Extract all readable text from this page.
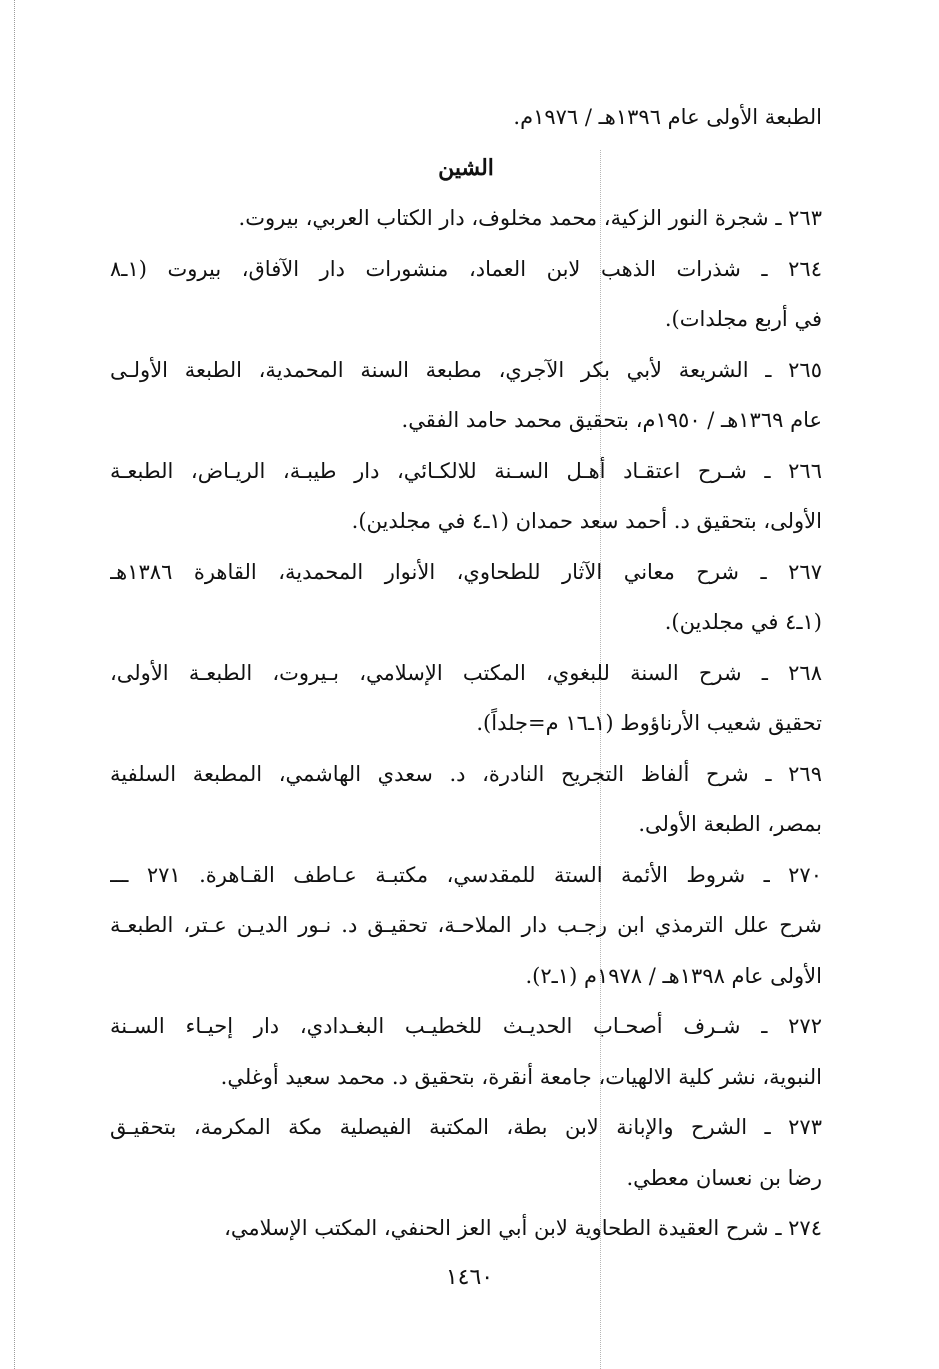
الطبعة الأولى عام ١٣٩٦هـ / ١٩٧٦م.
الشين
٢٦٣ ـ شجرة النور الزكية، محمد مخلوف، دار الكتاب العربي، بيروت.
٢٦٤ ـ شذرات الذهب لابن العماد، منشورات دار الآفاق، بيروت (١ـ٨
في أربع مجلدات).
٢٦٥ ـ الشريعة لأبي بكر الآجري، مطبعة السنة المحمدية، الطبعة الأولـى
عام ١٣٦٩هـ / ١٩٥٠م، بتحقيق محمد حامد الفقي.
٢٦٦ ـ شـرح اعتقـاد أهـل السـنة للالكـائي، دار طيبـة، الريـاض، الطبعـة
الأولى، بتحقيق د. أحمد سعد حمدان (١ـ٤ في مجلدين).
٢٦٧ ـ شرح معاني الآثار للطحاوي، الأنوار المحمدية، القاهرة ١٣٨٦هـ
(١ـ٤ في مجلدين).
٢٦٨ ـ شرح السنة للبغوي، المكتب الإسلامي، بـيروت، الطبعـة الأولى،
تحقيق شعيب الأرناؤوط (١ـ١٦ م=جلداً).
٢٦٩ ـ شرح ألفاظ التجريح النادرة، د. سعدي الهاشمي، المطبعة السلفية
بمصر، الطبعة الأولى.
٢٧٠ ـ شروط الأئمة الستة للمقدسي، مكتبـة عـاطف القـاهرة. ٢٧١ ـــ
شرح علل الترمذي ابن رجـب دار الملاحـة، تحقيـق د. نـور الديـن عـتر، الطبعـة
الأولى عام ١٣٩٨هـ / ١٩٧٨م (١ـ٢).
٢٧٢ ـ شـرف أصحـاب الحديـث للخطيـب البغـدادي، دار إحيـاء السـنة
النبوية، نشر كلية الالهيات، جامعة أنقرة، بتحقيق د. محمد سعيد أوغلي.
٢٧٣ ـ الشرح والإبانة لابن بطة، المكتبة الفيصلية مكة المكرمة، بتحقيـق
رضا بن نعسان معطي.
٢٧٤ ـ شرح العقيدة الطحاوية لابن أبي العز الحنفي، المكتب الإسلامي،
١٤٦٠
